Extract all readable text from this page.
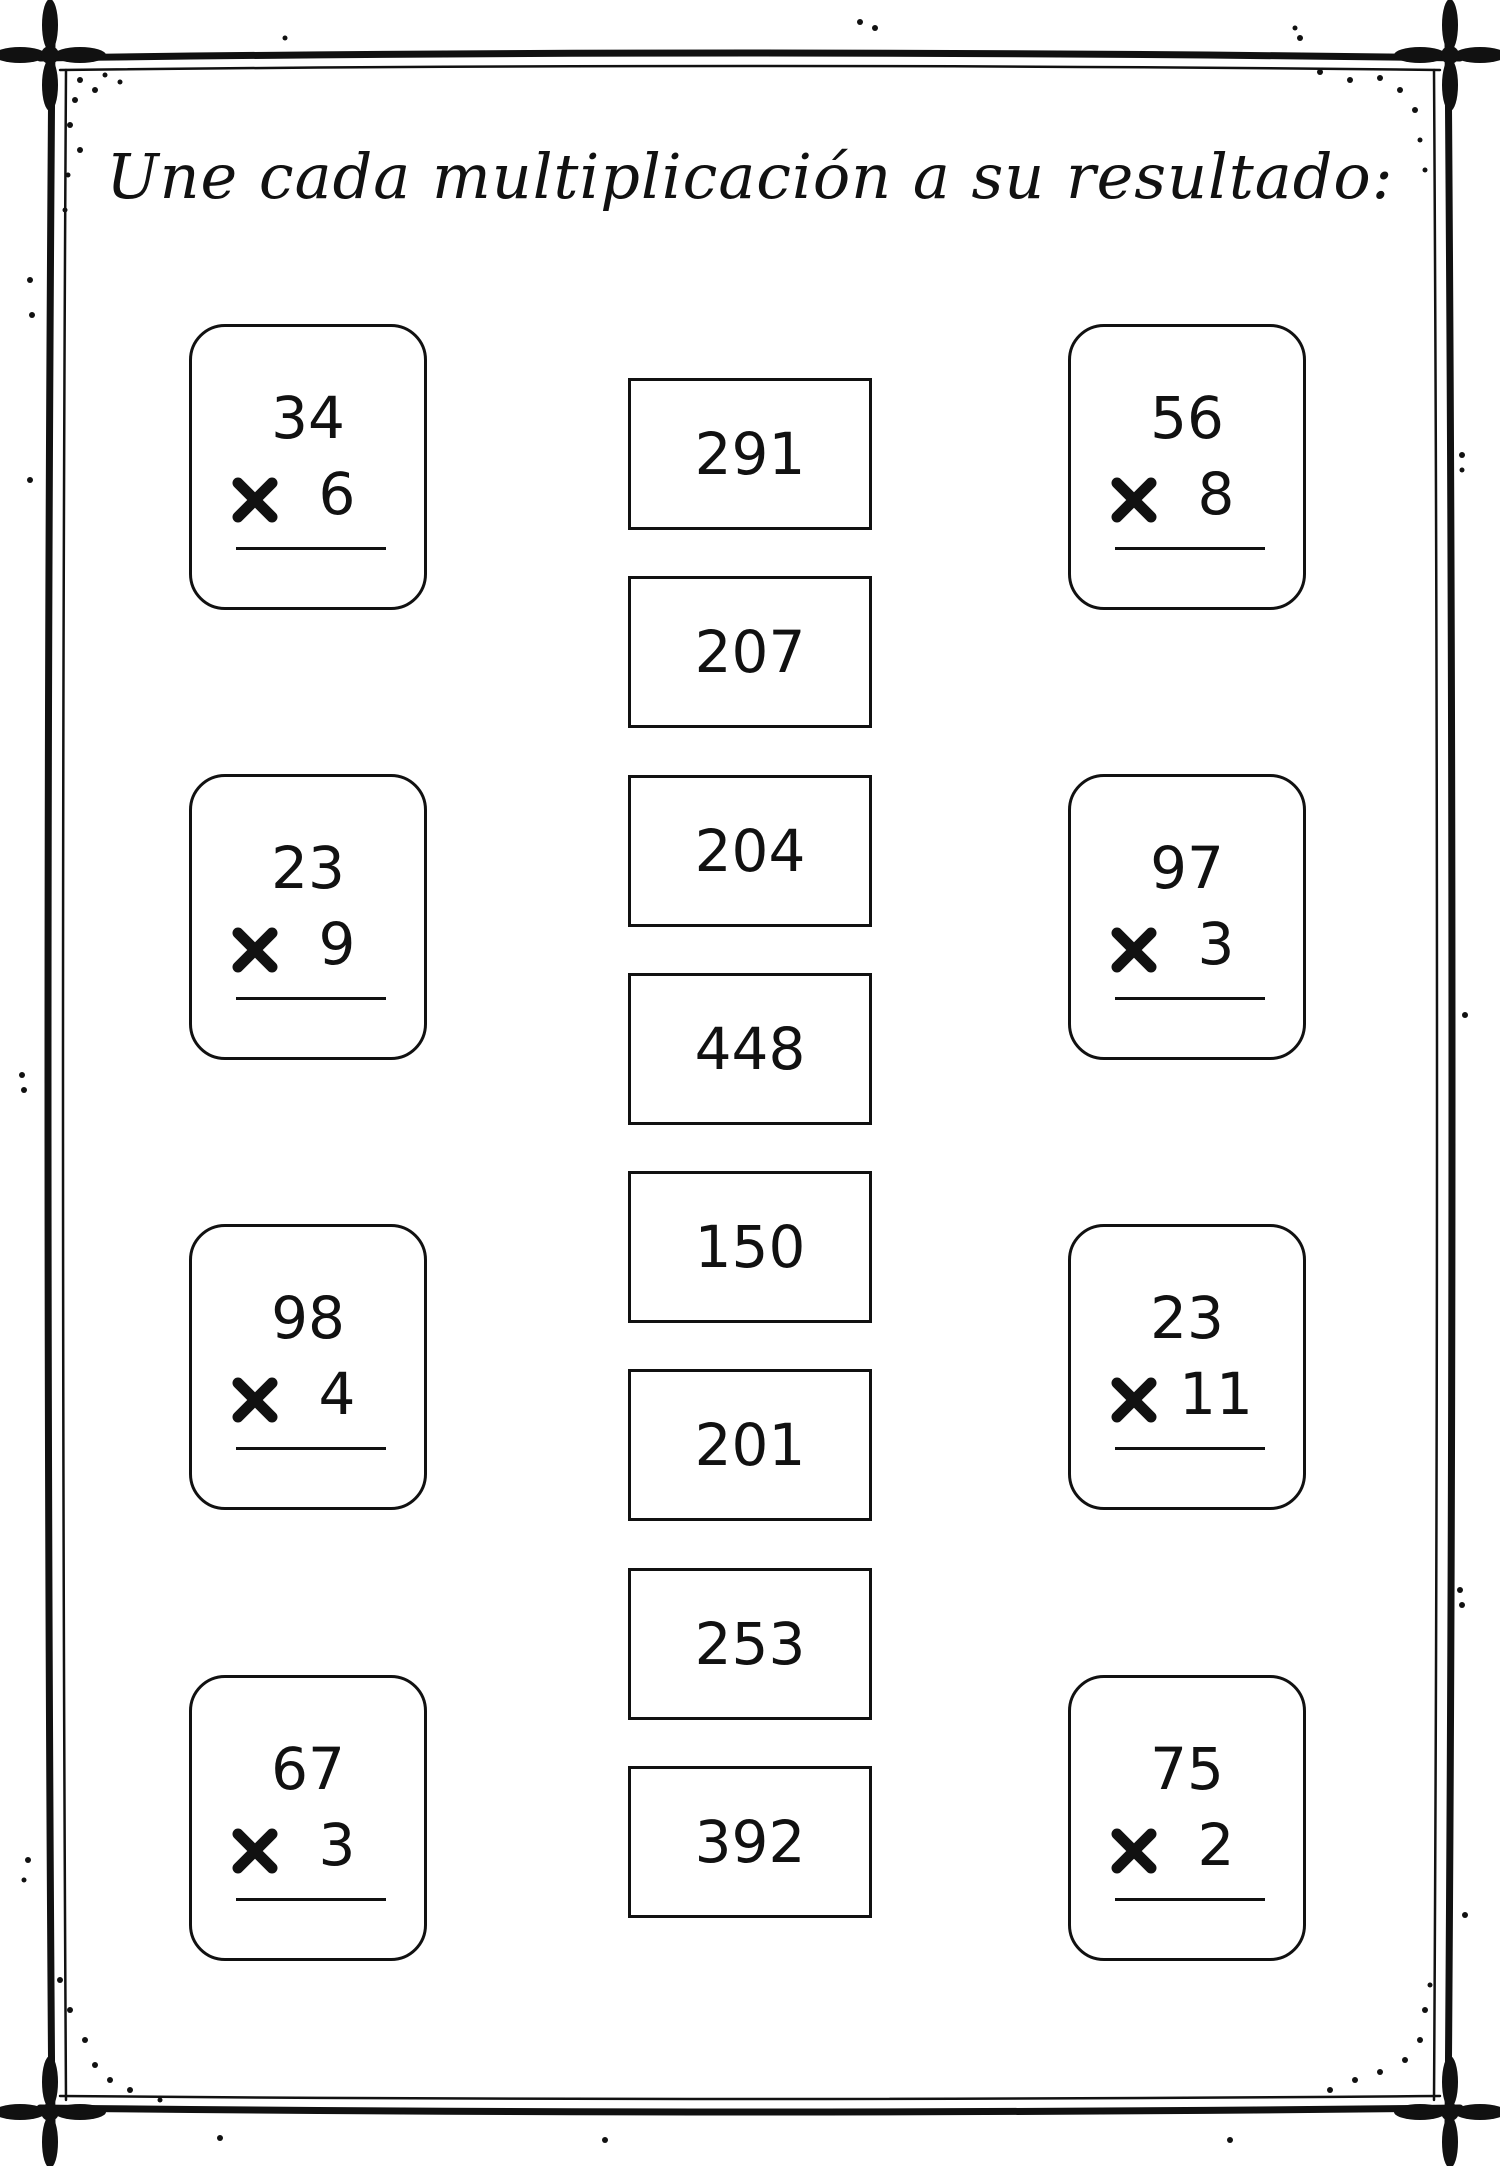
Une cada multiplicación a su resultado:
34
6
23
9
98
4
67
3
56
8
97
3
23
11
75
2
291
207
204
448
150
201
253
392
